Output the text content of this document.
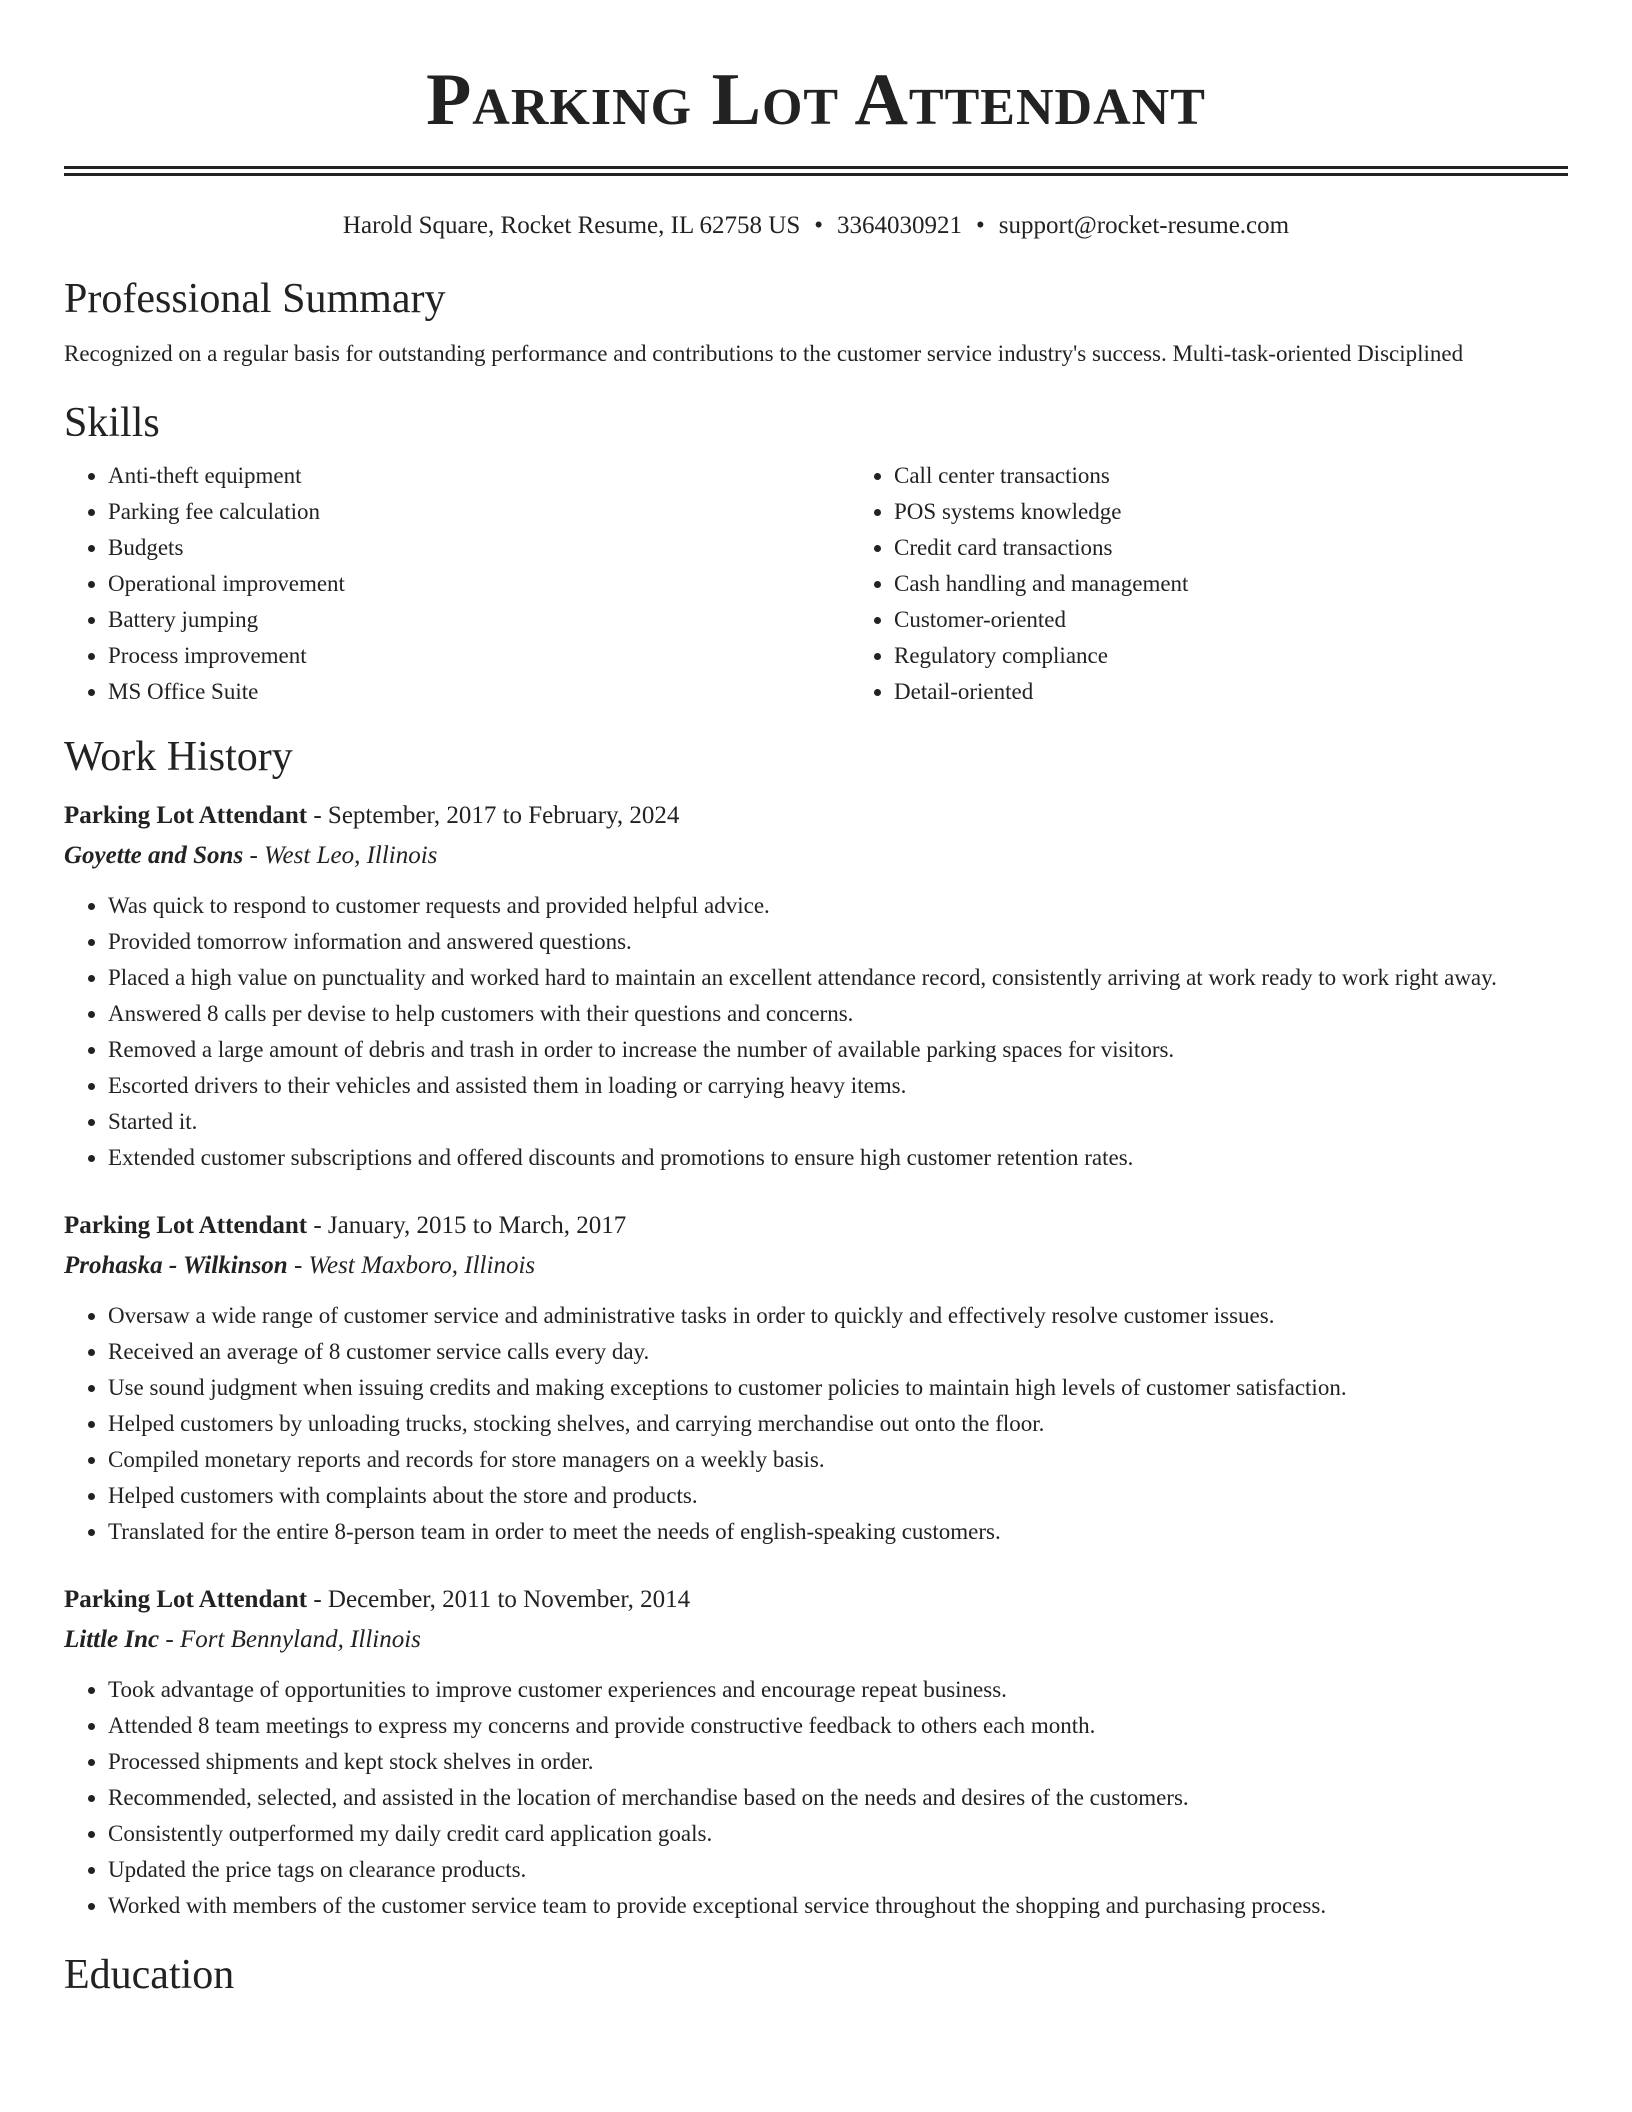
Parking Lot Attendant
Harold Square, Rocket Resume, IL 62758 US • 3364030921 • support@rocket-resume.com
Professional Summary
Recognized on a regular basis for outstanding performance and contributions to the customer service industry's success. Multi-task-oriented Disciplined
Skills
• Anti-theft equipment
• Parking fee calculation
• Budgets
• Operational improvement
• Battery jumping
• Process improvement
• MS Office Suite
• Call center transactions
• POS systems knowledge
• Credit card transactions
• Cash handling and management
• Customer-oriented
• Regulatory compliance
• Detail-oriented
Work History
Parking Lot Attendant - September, 2017 to February, 2024
Goyette and Sons - West Leo, Illinois
• Was quick to respond to customer requests and provided helpful advice.
• Provided tomorrow information and answered questions.
• Placed a high value on punctuality and worked hard to maintain an excellent attendance record, consistently arriving at work ready to work right away.
• Answered 8 calls per devise to help customers with their questions and concerns.
• Removed a large amount of debris and trash in order to increase the number of available parking spaces for visitors.
• Escorted drivers to their vehicles and assisted them in loading or carrying heavy items.
• Started it.
• Extended customer subscriptions and offered discounts and promotions to ensure high customer retention rates.
Parking Lot Attendant - January, 2015 to March, 2017
Prohaska - Wilkinson - West Maxboro, Illinois
• Oversaw a wide range of customer service and administrative tasks in order to quickly and effectively resolve customer issues.
• Received an average of 8 customer service calls every day.
• Use sound judgment when issuing credits and making exceptions to customer policies to maintain high levels of customer satisfaction.
• Helped customers by unloading trucks, stocking shelves, and carrying merchandise out onto the floor.
• Compiled monetary reports and records for store managers on a weekly basis.
• Helped customers with complaints about the store and products.
• Translated for the entire 8-person team in order to meet the needs of english-speaking customers.
Parking Lot Attendant - December, 2011 to November, 2014
Little Inc - Fort Bennyland, Illinois
• Took advantage of opportunities to improve customer experiences and encourage repeat business.
• Attended 8 team meetings to express my concerns and provide constructive feedback to others each month.
• Processed shipments and kept stock shelves in order.
• Recommended, selected, and assisted in the location of merchandise based on the needs and desires of the customers.
• Consistently outperformed my daily credit card application goals.
• Updated the price tags on clearance products.
• Worked with members of the customer service team to provide exceptional service throughout the shopping and purchasing process.
Education
